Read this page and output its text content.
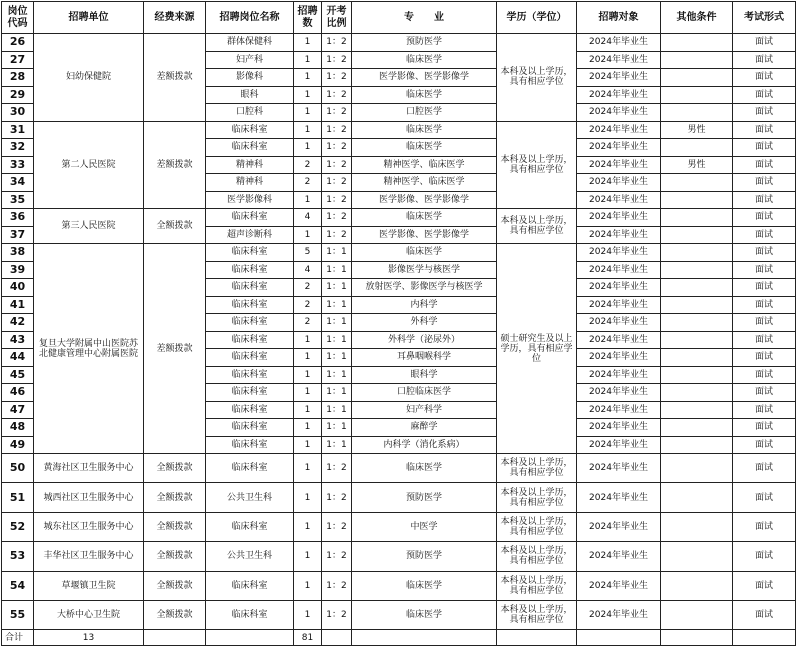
岗位代码	招聘单位	经费来源	招聘岗位名称	招聘数	开考比例	专　　业	学历（学位）	招聘对象	其他条件	考试形式
26	妇幼保健院	差额拨款	群体保健科	1	1：2	预防医学	本科及以上学历，具有相应学位	2024年毕业生		面试
27			妇产科	1	1：2	临床医学		2024年毕业生		面试
28			影像科	1	1：2	医学影像、医学影像学		2024年毕业生		面试
29			眼科	1	1：2	临床医学		2024年毕业生		面试
30			口腔科	1	1：2	口腔医学		2024年毕业生		面试
31	第二人民医院	差额拨款	临床科室	1	1：2	临床医学	本科及以上学历，具有相应学位	2024年毕业生	男性	面试
32			临床科室	1	1：2	临床医学		2024年毕业生		面试
33			精神科	2	1：2	精神医学、临床医学		2024年毕业生	男性	面试
34			精神科	2	1：2	精神医学、临床医学		2024年毕业生		面试
35			医学影像科	1	1：2	医学影像、医学影像学		2024年毕业生		面试
36	第三人民医院	全额拨款	临床科室	4	1：2	临床医学	本科及以上学历，具有相应学位	2024年毕业生		面试
37			超声诊断科	1	1：2	医学影像、医学影像学		2024年毕业生		面试
38	复旦大学附属中山医院苏北健康管理中心附属医院	差额拨款	临床科室	5	1：1	临床医学	硕士研究生及以上学历，具有相应学位	2024年毕业生		面试
39			临床科室	4	1：1	影像医学与核医学		2024年毕业生		面试
40			临床科室	2	1：1	放射医学、影像医学与核医学		2024年毕业生		面试
41			临床科室	2	1：1	内科学		2024年毕业生		面试
42			临床科室	2	1：1	外科学		2024年毕业生		面试
43			临床科室	1	1：1	外科学（泌尿外）		2024年毕业生		面试
44			临床科室	1	1：1	耳鼻咽喉科学		2024年毕业生		面试
45			临床科室	1	1：1	眼科学		2024年毕业生		面试
46			临床科室	1	1：1	口腔临床医学		2024年毕业生		面试
47			临床科室	1	1：1	妇产科学		2024年毕业生		面试
48			临床科室	1	1：1	麻醉学		2024年毕业生		面试
49			临床科室	1	1：1	内科学（消化系病）		2024年毕业生		面试
50	黄海社区卫生服务中心	全额拨款	临床科室	1	1：2	临床医学	本科及以上学历，具有相应学位	2024年毕业生		面试
51	城西社区卫生服务中心	全额拨款	公共卫生科	1	1：2	预防医学	本科及以上学历，具有相应学位	2024年毕业生		面试
52	城东社区卫生服务中心	全额拨款	临床科室	1	1：2	中医学	本科及以上学历，具有相应学位	2024年毕业生		面试
53	丰华社区卫生服务中心	全额拨款	公共卫生科	1	1：2	预防医学	本科及以上学历，具有相应学位	2024年毕业生		面试
54	草堰镇卫生院	全额拨款	临床科室	1	1：2	临床医学	本科及以上学历，具有相应学位	2024年毕业生		面试
55	大桥中心卫生院	全额拨款	临床科室	1	1：2	临床医学	本科及以上学历，具有相应学位	2024年毕业生		面试
合计	13			81						
